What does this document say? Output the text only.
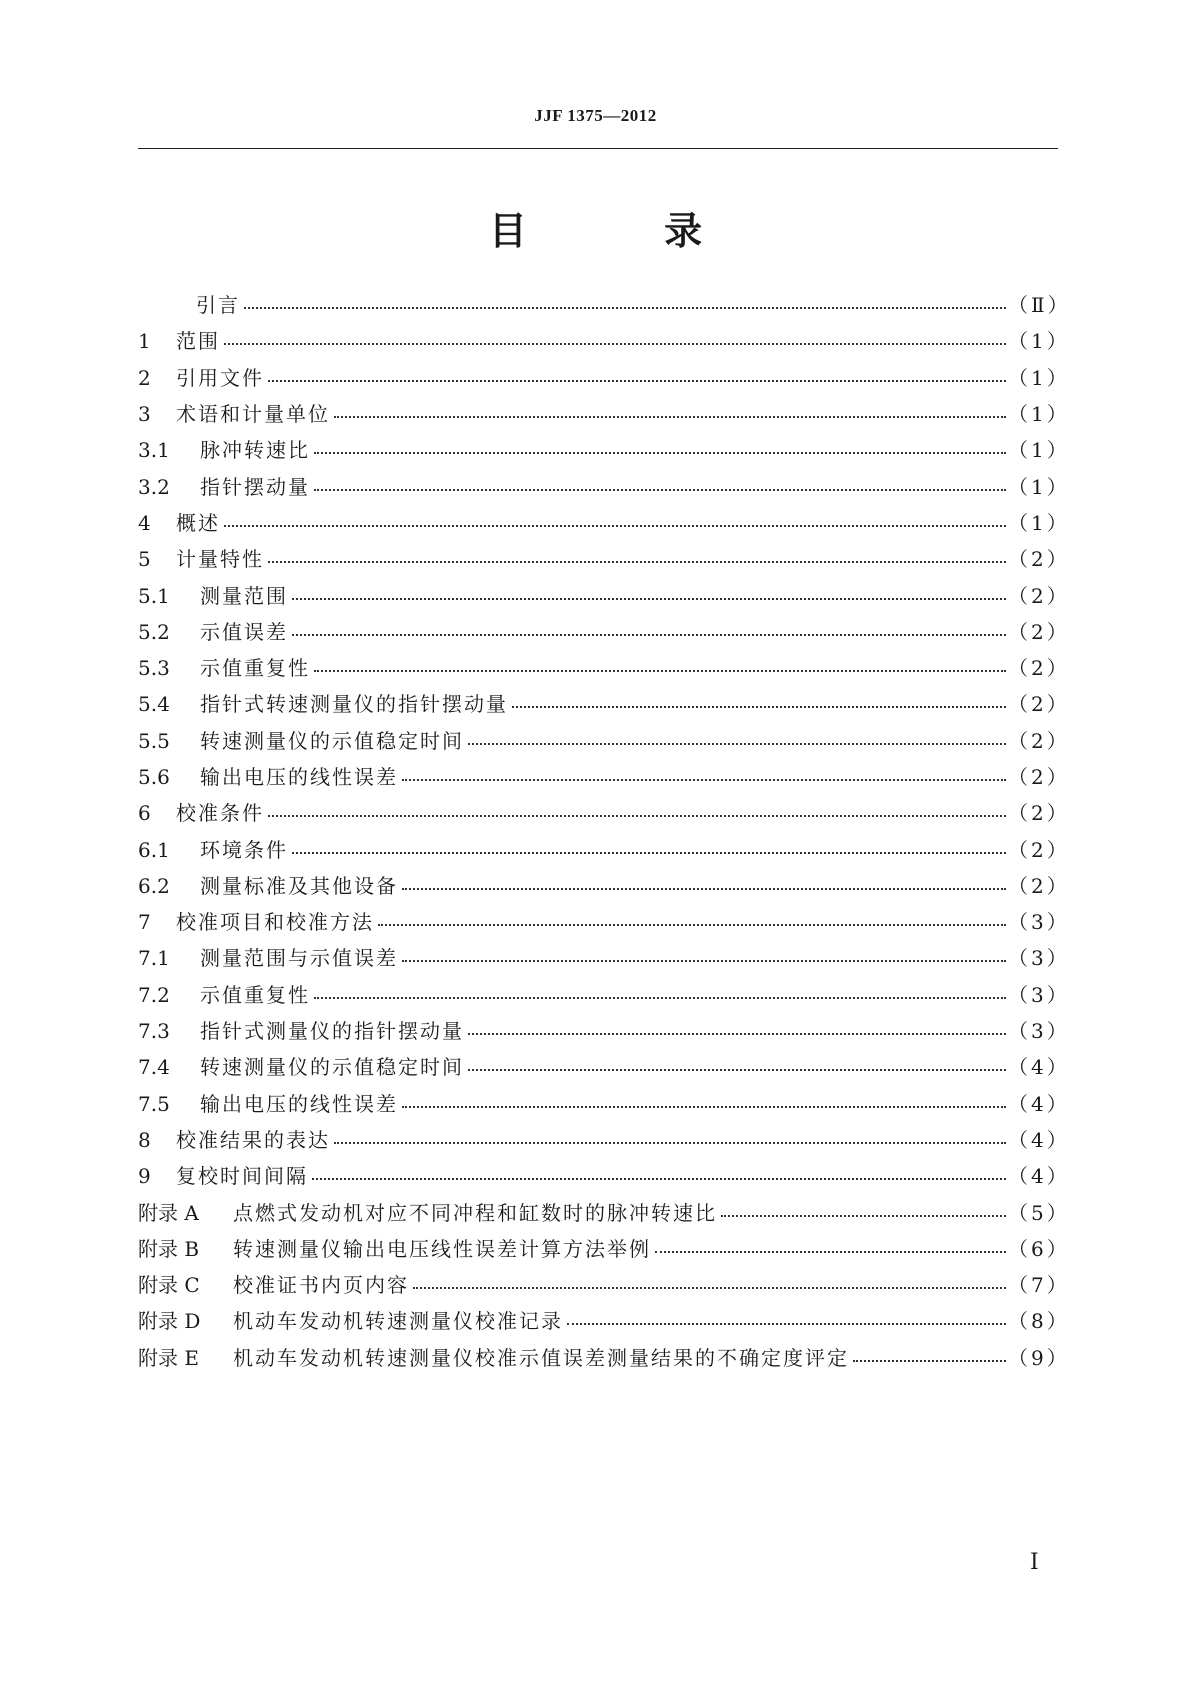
JJF 1375—2012
目 录
引言	（Ⅱ）
1	范围	（1）
2	引用文件	（1）
3	术语和计量单位	（1）
3.1	脉冲转速比	（1）
3.2	指针摆动量	（1）
4	概述	（1）
5	计量特性	（2）
5.1	测量范围	（2）
5.2	示值误差	（2）
5.3	示值重复性	（2）
5.4	指针式转速测量仪的指针摆动量	（2）
5.5	转速测量仪的示值稳定时间	（2）
5.6	输出电压的线性误差	（2）
6	校准条件	（2）
6.1	环境条件	（2）
6.2	测量标准及其他设备	（2）
7	校准项目和校准方法	（3）
7.1	测量范围与示值误差	（3）
7.2	示值重复性	（3）
7.3	指针式测量仪的指针摆动量	（3）
7.4	转速测量仪的示值稳定时间	（4）
7.5	输出电压的线性误差	（4）
8	校准结果的表达	（4）
9	复校时间间隔	（4）
附录 A	点燃式发动机对应不同冲程和缸数时的脉冲转速比	（5）
附录 B	转速测量仪输出电压线性误差计算方法举例	（6）
附录 C	校准证书内页内容	（7）
附录 D	机动车发动机转速测量仪校准记录	（8）
附录 E	机动车发动机转速测量仪校准示值误差测量结果的不确定度评定	（9）
Ⅰ
